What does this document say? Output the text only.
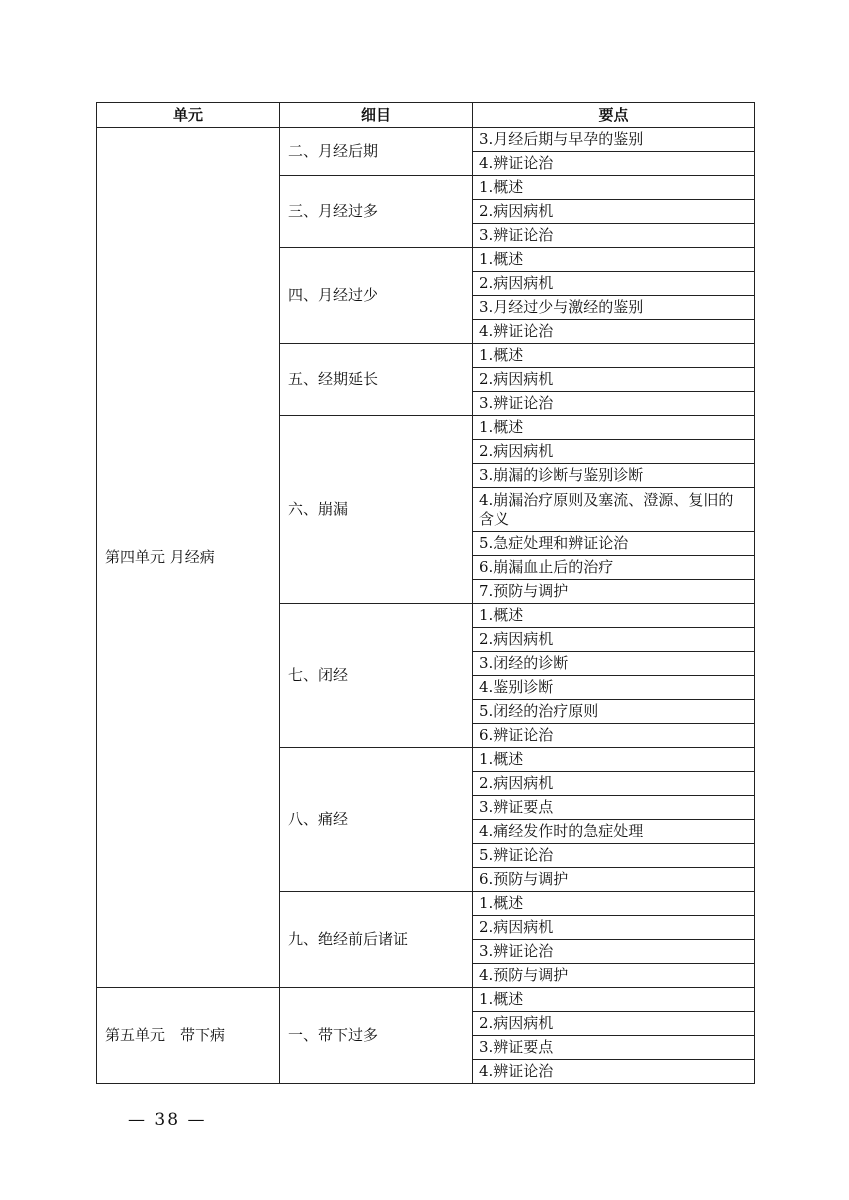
单元	细目	要点
第四单元 月经病	二、月经后期	3.月经后期与早孕的鉴别
		4.辨证论治
	三、月经过多	1.概述
		2.病因病机
		3.辨证论治
	四、月经过少	1.概述
		2.病因病机
		3.月经过少与激经的鉴别
		4.辨证论治
	五、经期延长	1.概述
		2.病因病机
		3.辨证论治
	六、崩漏	1.概述
		2.病因病机
		3.崩漏的诊断与鉴别诊断
		4.崩漏治疗原则及塞流、澄源、复旧的含义
		5.急症处理和辨证论治
		6.崩漏血止后的治疗
		7.预防与调护
	七、闭经	1.概述
		2.病因病机
		3.闭经的诊断
		4.鉴别诊断
		5.闭经的治疗原则
		6.辨证论治
	八、痛经	1.概述
		2.病因病机
		3.辨证要点
		4.痛经发作时的急症处理
		5.辨证论治
		6.预防与调护
	九、绝经前后诸证	1.概述
		2.病因病机
		3.辨证论治
		4.预防与调护
第五单元　带下病	一、带下过多	1.概述
		2.病因病机
		3.辨证要点
		4.辨证论治
— 38 —
